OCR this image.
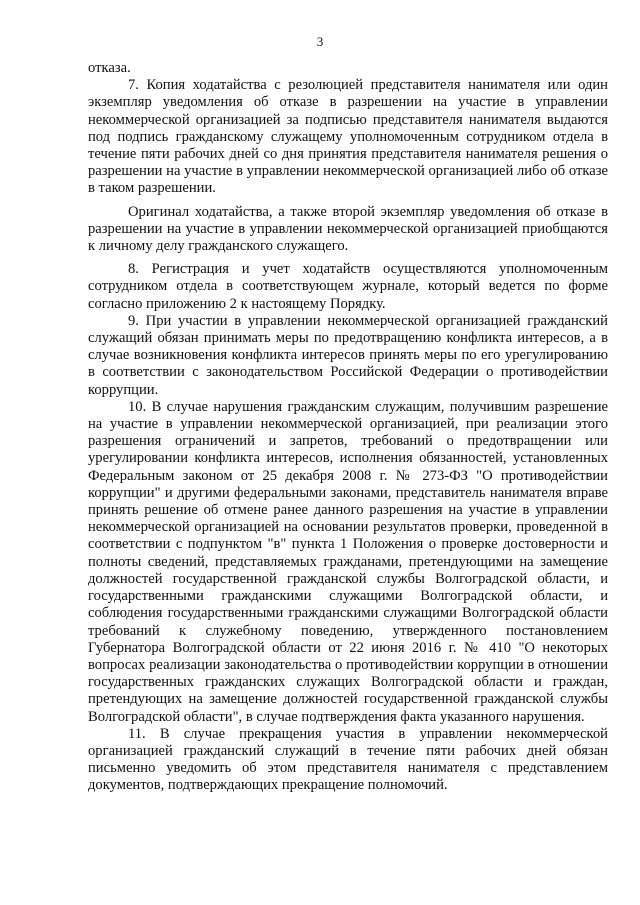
3

отказа.

7. Копия ходатайства с резолюцией представителя нанимателя или один экземпляр уведомления об отказе в разрешении на участие в управлении некоммерческой организацией за подписью представителя нанимателя выдаются под подпись гражданскому служащему уполномоченным сотрудником отдела в течение пяти рабочих дней со дня принятия представителя нанимателя решения о разрешении на участие в управлении некоммерческой организацией либо об отказе в таком разрешении.

Оригинал ходатайства, а также второй экземпляр уведомления об отказе в разрешении на участие в управлении некоммерческой организацией приобщаются к личному делу гражданского служащего.

8. Регистрация и учет ходатайств осуществляются уполномоченным сотрудником отдела в соответствующем журнале, который ведется по форме согласно приложению 2 к настоящему Порядку.

9. При участии в управлении некоммерческой организацией гражданский служащий обязан принимать меры по предотвращению конфликта интересов, а в случае возникновения конфликта интересов принять меры по его урегулированию в соответствии с законодательством Российской Федерации о противодействии коррупции.

10. В случае нарушения гражданским служащим, получившим разрешение на участие в управлении некоммерческой организацией, при реализации этого разрешения ограничений и запретов, требований о предотвращении или урегулировании конфликта интересов, исполнения обязанностей, установленных Федеральным законом от 25 декабря 2008 г. № 273-ФЗ "О противодействии коррупции" и другими федеральными законами, представитель нанимателя вправе принять решение об отмене ранее данного разрешения на участие в управлении некоммерческой организацией на основании результатов проверки, проведенной в соответствии с подпунктом "в" пункта 1 Положения о проверке достоверности и полноты сведений, представляемых гражданами, претендующими на замещение должностей государственной гражданской службы Волгоградской области, и государственными гражданскими служащими Волгоградской области, и соблюдения государственными гражданскими служащими Волгоградской области требований к служебному поведению, утвержденного постановлением Губернатора Волгоградской области от 22 июня 2016 г. № 410 "О некоторых вопросах реализации законодательства о противодействии коррупции в отношении государственных гражданских служащих Волгоградской области и граждан, претендующих на замещение должностей государственной гражданской службы Волгоградской области", в случае подтверждения факта указанного нарушения.

11. В случае прекращения участия в управлении некоммерческой организацией гражданский служащий в течение пяти рабочих дней обязан письменно уведомить об этом представителя нанимателя с представлением документов, подтверждающих прекращение полномочий.
